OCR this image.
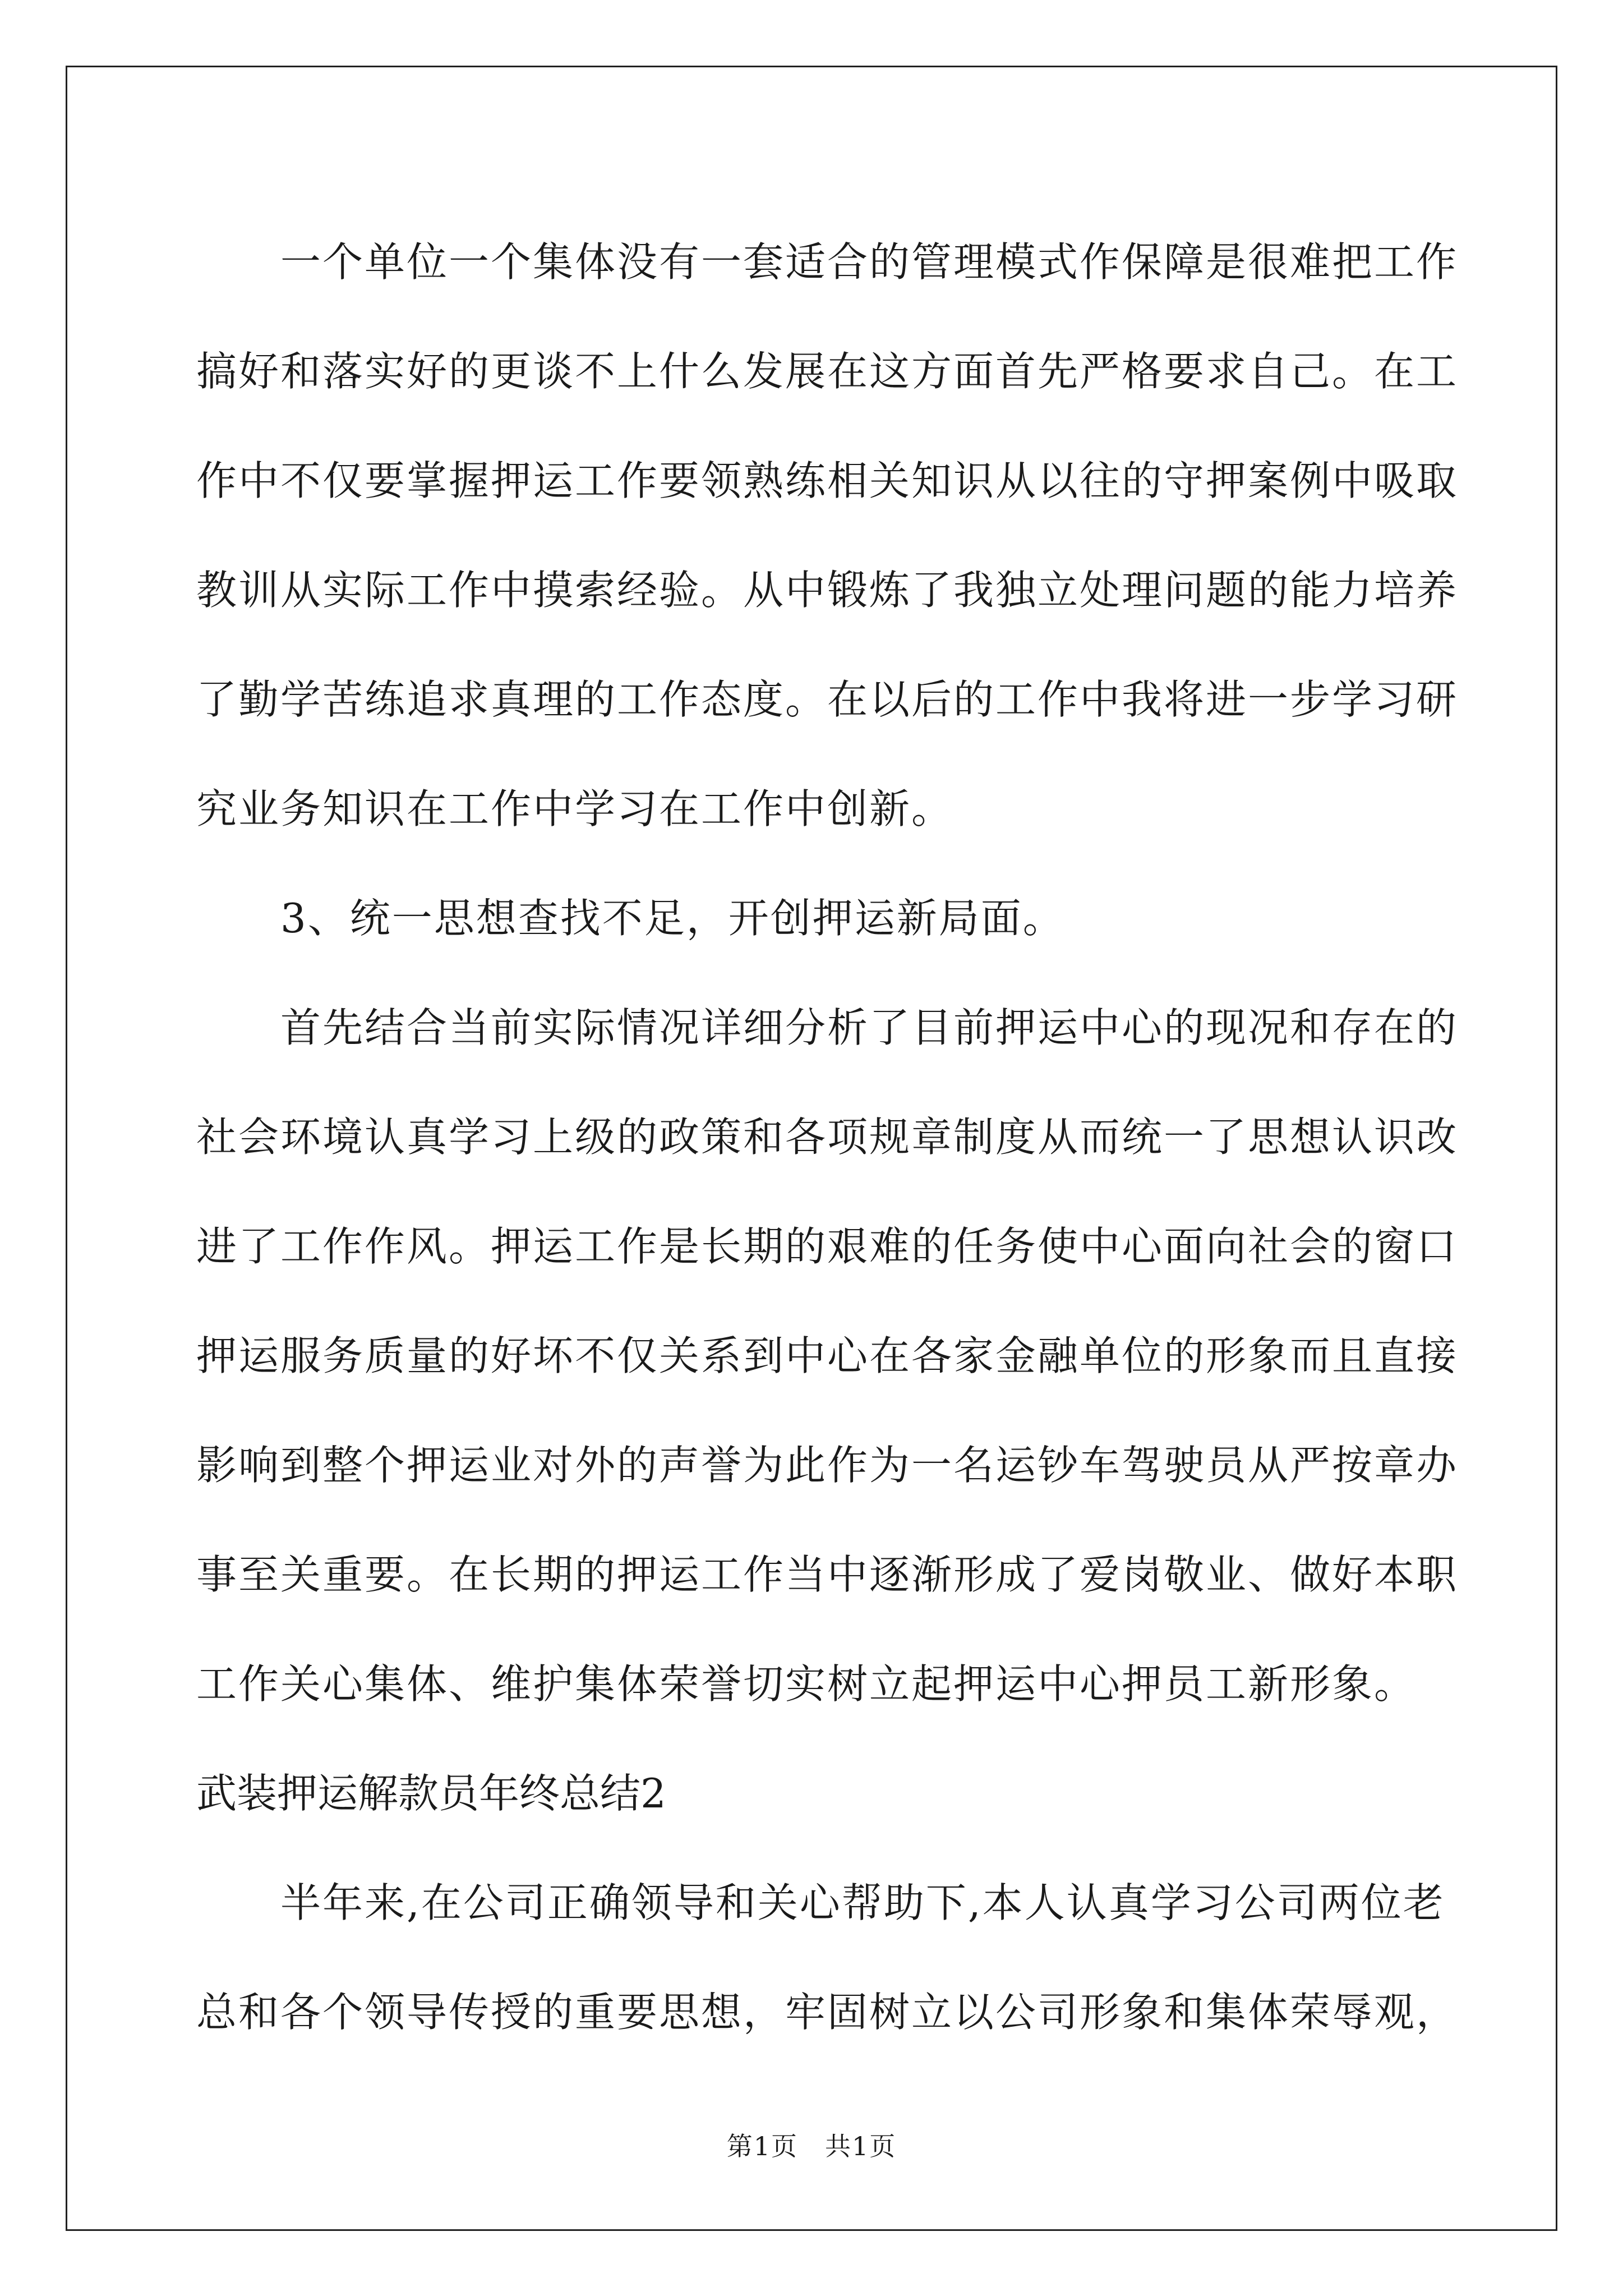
一个单位一个集体没有一套适合的管理模式作保障是很难把工作
搞好和落实好的更谈不上什么发展在这方面首先严格要求自己。在工
作中不仅要掌握押运工作要领熟练相关知识从以往的守押案例中吸取
教训从实际工作中摸索经验。从中锻炼了我独立处理问题的能力培养
了勤学苦练追求真理的工作态度。在以后的工作中我将进一步学习研
究业务知识在工作中学习在工作中创新。
3、统一思想查找不足，开创押运新局面。
首先结合当前实际情况详细分析了目前押运中心的现况和存在的
社会环境认真学习上级的政策和各项规章制度从而统一了思想认识改
进了工作作风。押运工作是长期的艰难的任务使中心面向社会的窗口
押运服务质量的好坏不仅关系到中心在各家金融单位的形象而且直接
影响到整个押运业对外的声誉为此作为一名运钞车驾驶员从严按章办
事至关重要。在长期的押运工作当中逐渐形成了爱岗敬业、做好本职
工作关心集体、维护集体荣誉切实树立起押运中心押员工新形象。
武装押运解款员年终总结2
半年来,在公司正确领导和关心帮助下,本人认真学习公司两位老
总和各个领导传授的重要思想，牢固树立以公司形象和集体荣辱观，
第1页　共1页
